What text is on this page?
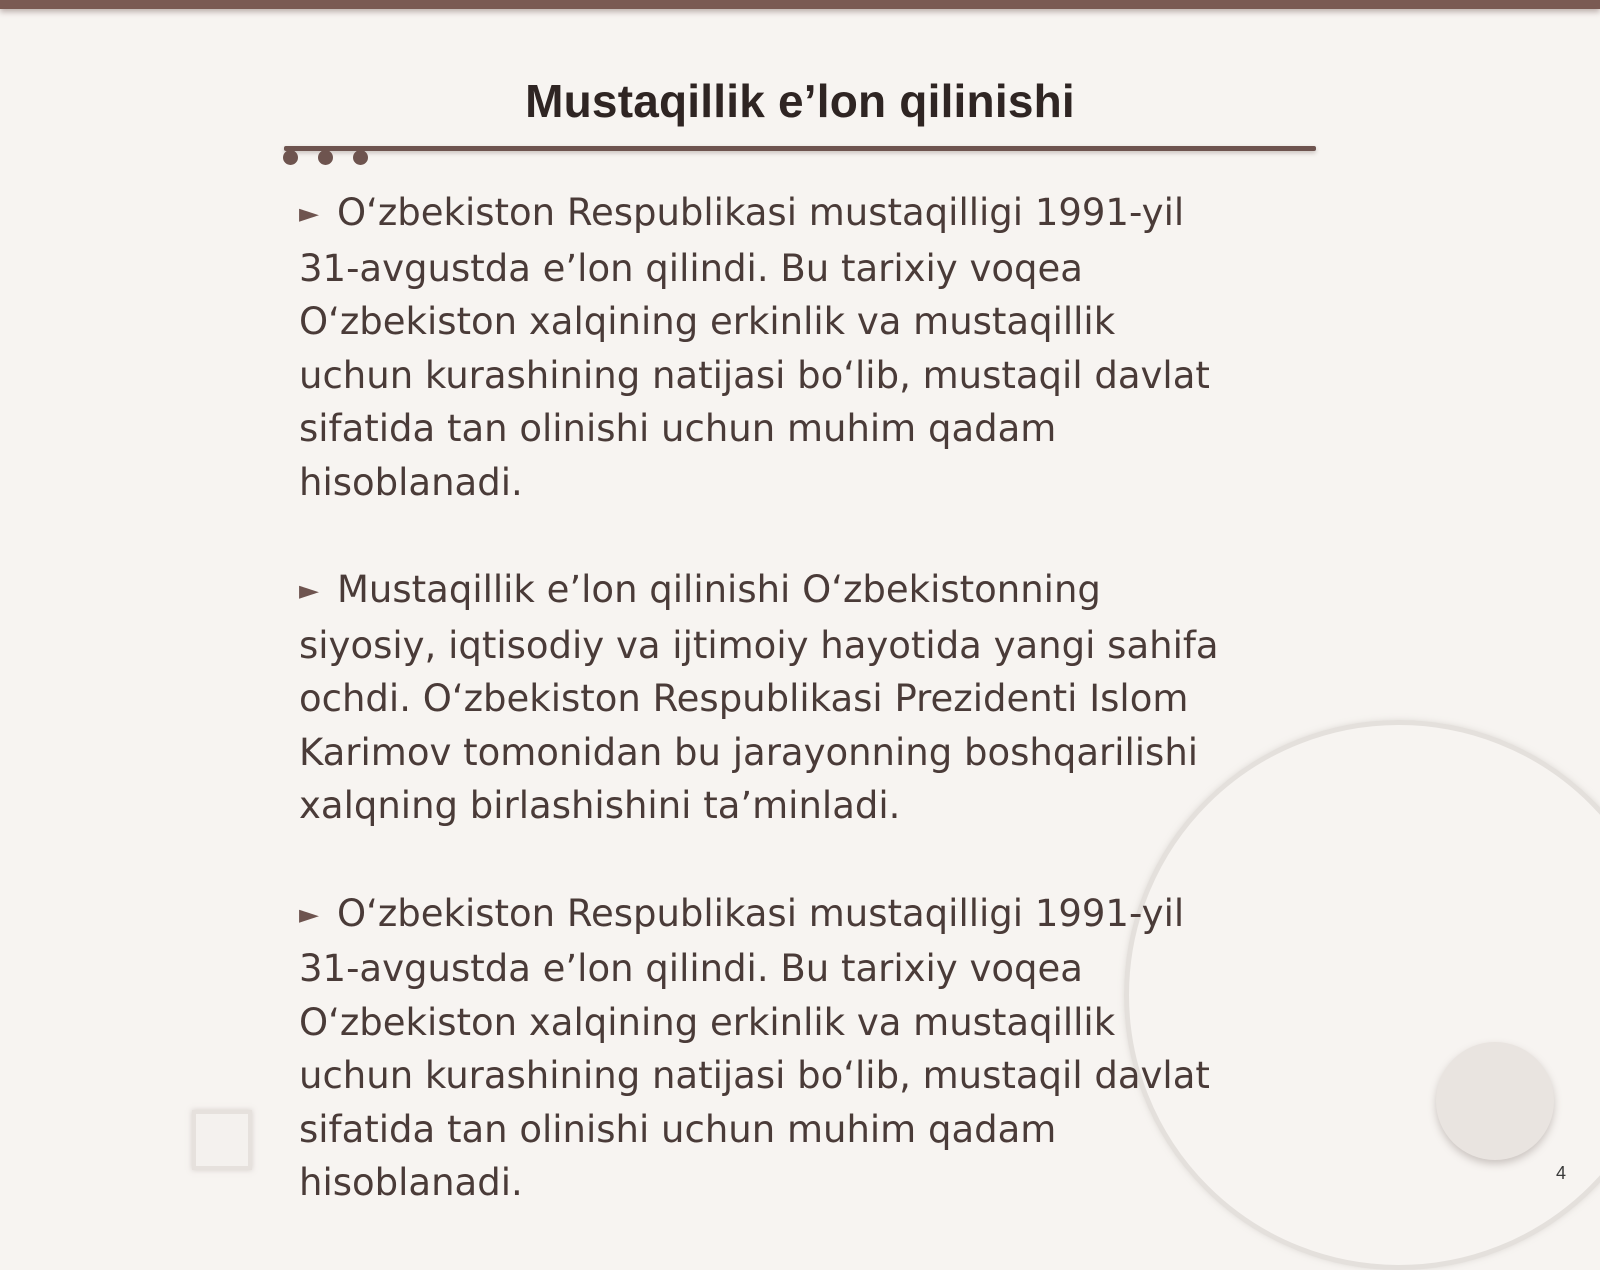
Mustaqillik e’lon qilinishi
► O‘zbekiston Respublikasi mustaqilligi 1991-yil 31-avgustda e’lon qilindi. Bu tarixiy voqea O‘zbekiston xalqining erkinlik va mustaqillik uchun kurashining natijasi bo‘lib, mustaqil davlat sifatida tan olinishi uchun muhim qadam hisoblanadi.
► Mustaqillik e’lon qilinishi O‘zbekistonning siyosiy, iqtisodiy va ijtimoiy hayotida yangi sahifa ochdi. O‘zbekiston Respublikasi Prezidenti Islom Karimov tomonidan bu jarayonning boshqarilishi xalqning birlashishini ta’minladi.
► O‘zbekiston Respublikasi mustaqilligi 1991-yil 31-avgustda e’lon qilindi. Bu tarixiy voqea O‘zbekiston xalqining erkinlik va mustaqillik uchun kurashining natijasi bo‘lib, mustaqil davlat sifatida tan olinishi uchun muhim qadam hisoblanadi.	4
